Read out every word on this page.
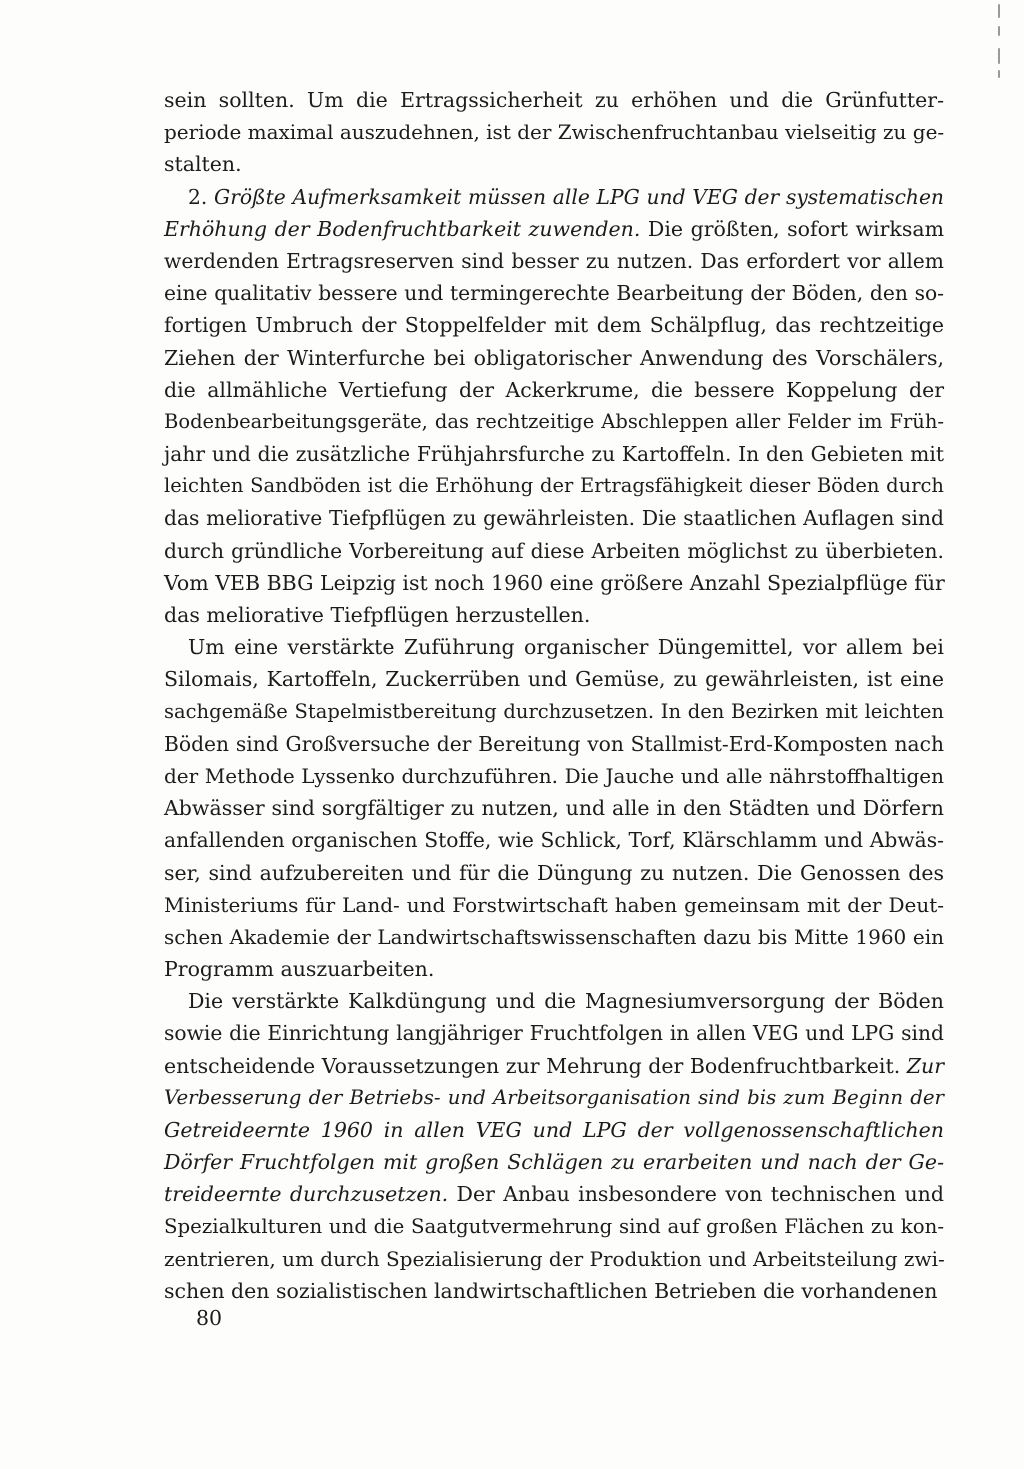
sein sollten. Um die Ertragssicherheit zu erhöhen und die Grünfutter-
periode maximal auszudehnen, ist der Zwischenfruchtanbau vielseitig zu ge-
stalten.

2. Größte Aufmerksamkeit müssen alle LPG und VEG der systematischen
Erhöhung der Bodenfruchtbarkeit zuwenden. Die größten, sofort wirksam
werdenden Ertragsreserven sind besser zu nutzen. Das erfordert vor allem
eine qualitativ bessere und termingerechte Bearbeitung der Böden, den so-
fortigen Umbruch der Stoppelfelder mit dem Schälpflug, das rechtzeitige
Ziehen der Winterfurche bei obligatorischer Anwendung des Vorschälers,
die allmähliche Vertiefung der Ackerkrume, die bessere Koppelung der
Bodenbearbeitungsgeräte, das rechtzeitige Abschleppen aller Felder im Früh-
jahr und die zusätzliche Frühjahrsfurche zu Kartoffeln. In den Gebieten mit
leichten Sandböden ist die Erhöhung der Ertragsfähigkeit dieser Böden durch
das meliorative Tiefpflügen zu gewährleisten. Die staatlichen Auflagen sind
durch gründliche Vorbereitung auf diese Arbeiten möglichst zu überbieten.
Vom VEB BBG Leipzig ist noch 1960 eine größere Anzahl Spezialpflüge für
das meliorative Tiefpflügen herzustellen.

Um eine verstärkte Zuführung organischer Düngemittel, vor allem bei
Silomais, Kartoffeln, Zuckerrüben und Gemüse, zu gewährleisten, ist eine
sachgemäße Stapelmistbereitung durchzusetzen. In den Bezirken mit leichten
Böden sind Großversuche der Bereitung von Stallmist-Erd-Komposten nach
der Methode Lyssenko durchzuführen. Die Jauche und alle nährstoffhaltigen
Abwässer sind sorgfältiger zu nutzen, und alle in den Städten und Dörfern
anfallenden organischen Stoffe, wie Schlick, Torf, Klärschlamm und Abwäs-
ser, sind aufzubereiten und für die Düngung zu nutzen. Die Genossen des
Ministeriums für Land- und Forstwirtschaft haben gemeinsam mit der Deut-
schen Akademie der Landwirtschaftswissenschaften dazu bis Mitte 1960 ein
Programm auszuarbeiten.

Die verstärkte Kalkdüngung und die Magnesiumversorgung der Böden
sowie die Einrichtung langjähriger Fruchtfolgen in allen VEG und LPG sind
entscheidende Voraussetzungen zur Mehrung der Bodenfruchtbarkeit. Zur
Verbesserung der Betriebs- und Arbeitsorganisation sind bis zum Beginn der
Getreideernte 1960 in allen VEG und LPG der vollgenossenschaftlichen
Dörfer Fruchtfolgen mit großen Schlägen zu erarbeiten und nach der Ge-
treideernte durchzusetzen. Der Anbau insbesondere von technischen und
Spezialkulturen und die Saatgutvermehrung sind auf großen Flächen zu kon-
zentrieren, um durch Spezialisierung der Produktion und Arbeitsteilung zwi-
schen den sozialistischen landwirtschaftlichen Betrieben die vorhandenen

80
